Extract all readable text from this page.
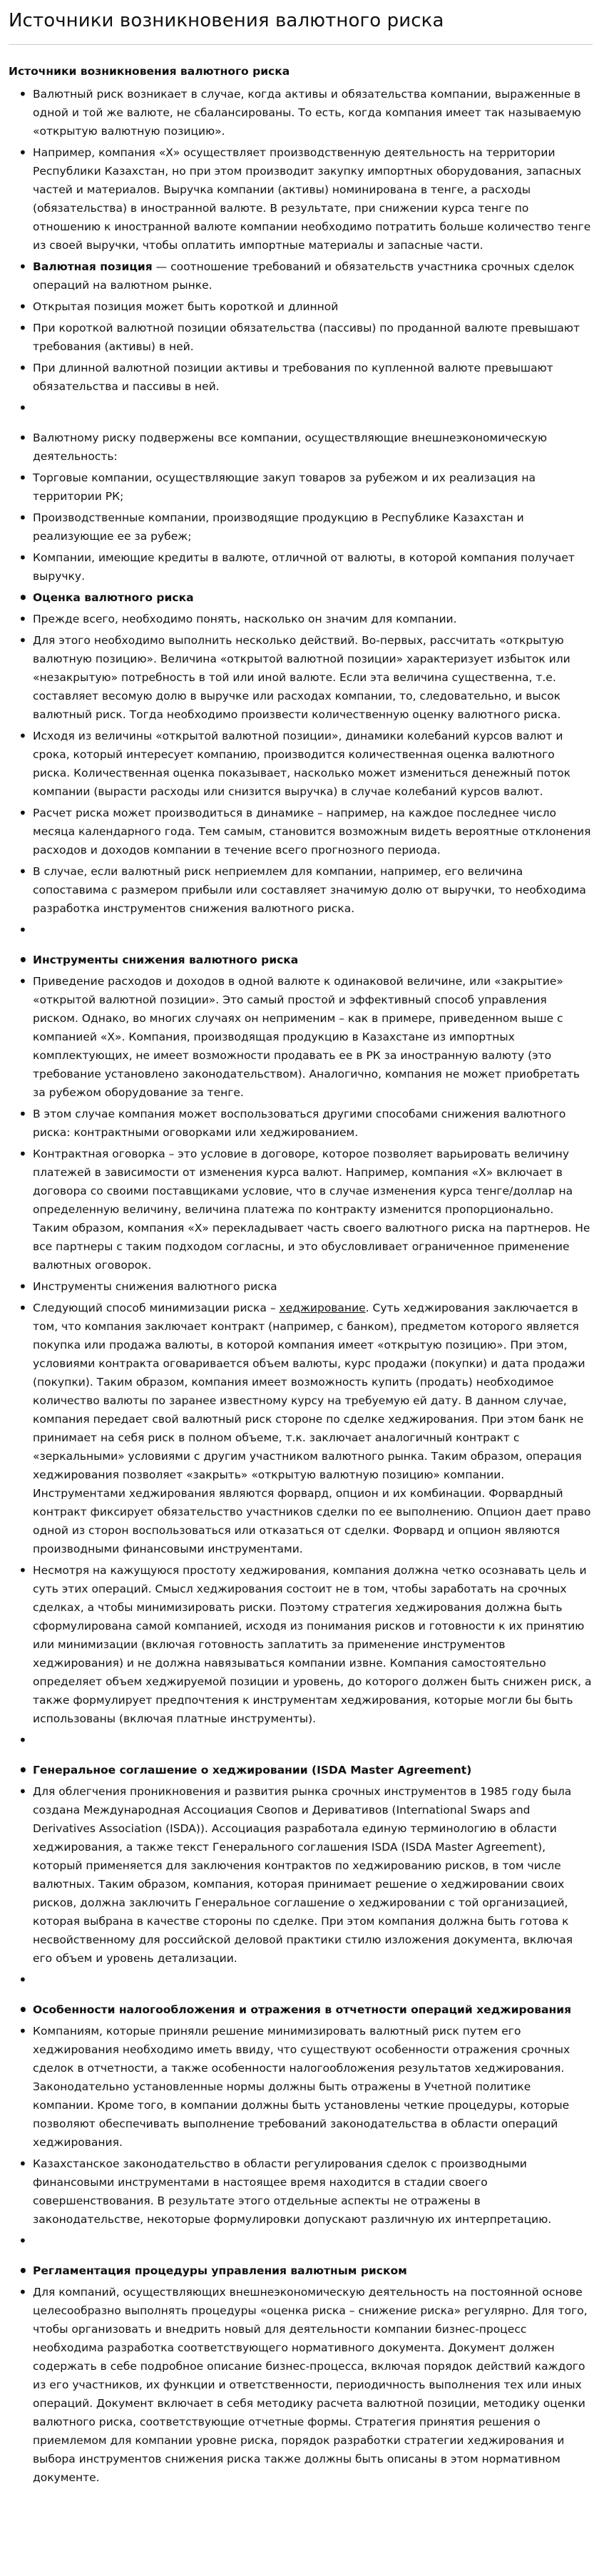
Источники возникновения валютного риска
Источники возникновения валютного риска
• Валютный риск возникает в случае, когда активы и обязательства компании, выраженные в одной и той же валюте, не сбалансированы. То есть, когда компания имеет так называемую «открытую валютную позицию».
• Например, компания «Х» осуществляет производственную деятельность на территории Республики Казахстан, но при этом производит закупку импортных оборудования, запасных частей и материалов. Выручка компании (активы) номинирована в тенге, а расходы (обязательства) в иностранной валюте. В результате, при снижении курса тенге по отношению к иностранной валюте компании необходимо потратить больше количество тенге из своей выручки, чтобы оплатить импортные материалы и запасные части.
• Валютная позиция — соотношение требований и обязательств участника срочных сделок операций на валютном рынке.
• Открытая позиция может быть короткой и длинной
• При короткой валютной позиции обязательства (пассивы) по проданной валюте превышают требования (активы) в ней.
• При длинной валютной позиции активы и требования по купленной валюте превышают обязательства и пассивы в ней.
•
• Валютному риску подвержены все компании, осуществляющие внешнеэкономическую деятельность:
• Торговые компании, осуществляющие закуп товаров за рубежом и их реализация на территории РК;
• Производственные компании, производящие продукцию в Республике Казахстан и реализующие ее за рубеж;
• Компании, имеющие кредиты в валюте, отличной от валюты, в которой компания получает выручку.
• Оценка валютного риска
• Прежде всего, необходимо понять, насколько он значим для компании.
• Для этого необходимо выполнить несколько действий. Во-первых, рассчитать «открытую валютную позицию». Величина «открытой валютной позиции» характеризует избыток или «незакрытую» потребность в той или иной валюте. Если эта величина существенна, т.е. составляет весомую долю в выручке или расходах компании, то, следовательно, и высок валютный риск. Тогда необходимо произвести количественную оценку валютного риска.
• Исходя из величины «открытой валютной позиции», динамики колебаний курсов валют и срока, который интересует компанию, производится количественная оценка валютного риска. Количественная оценка показывает, насколько может измениться денежный поток компании (вырасти расходы или снизится выручка) в случае колебаний курсов валют.
• Расчет риска может производиться в динамике – например, на каждое последнее число месяца календарного года. Тем самым, становится возможным видеть вероятные отклонения расходов и доходов компании в течение всего прогнозного периода.
• В случае, если валютный риск неприемлем для компании, например, его величина сопоставима с размером прибыли или составляет значимую долю от выручки, то необходима разработка инструментов снижения валютного риска.
•
• Инструменты снижения валютного риска
• Приведение расходов и доходов в одной валюте к одинаковой величине, или «закрытие» «открытой валютной позиции». Это самый простой и эффективный способ управления риском. Однако, во многих случаях он неприменим – как в примере, приведенном выше с компанией «Х». Компания, производящая продукцию в Казахстане из импортных комплектующих, не имеет возможности продавать ее в РК за иностранную валюту (это требование установлено законодательством). Аналогично, компания не может приобретать за рубежом оборудование за тенге.
• В этом случае компания может воспользоваться другими способами снижения валютного риска: контрактными оговорками или хеджированием.
• Контрактная оговорка – это условие в договоре, которое позволяет варьировать величину платежей в зависимости от изменения курса валют. Например, компания «Х» включает в договора со своими поставщиками условие, что в случае изменения курса тенге/доллар на определенную величину, величина платежа по контракту изменится пропорционально. Таким образом, компания «Х» перекладывает часть своего валютного риска на партнеров. Не все партнеры с таким подходом согласны, и это обусловливает ограниченное применение валютных оговорок.
• Инструменты снижения валютного риска
• Следующий способ минимизации риска – хеджирование. Суть хеджирования заключается в том, что компания заключает контракт (например, с банком), предметом которого является покупка или продажа валюты, в которой компания имеет «открытую позицию». При этом, условиями контракта оговаривается объем валюты, курс продажи (покупки) и дата продажи (покупки). Таким образом, компания имеет возможность купить (продать) необходимое количество валюты по заранее известному курсу на требуемую ей дату. В данном случае, компания передает свой валютный риск стороне по сделке хеджирования. При этом банк не принимает на себя риск в полном объеме, т.к. заключает аналогичный контракт с «зеркальными» условиями с другим участником валютного рынка. Таким образом, операция хеджирования позволяет «закрыть» «открытую валютную позицию» компании. Инструментами хеджирования являются форвард, опцион и их комбинации. Форвардный контракт фиксирует обязательство участников сделки по ее выполнению. Опцион дает право одной из сторон воспользоваться или отказаться от сделки. Форвард и опцион являются производными финансовыми инструментами.
• Несмотря на кажущуюся простоту хеджирования, компания должна четко осознавать цель и суть этих операций. Смысл хеджирования состоит не в том, чтобы заработать на срочных сделках, а чтобы минимизировать риски. Поэтому стратегия хеджирования должна быть сформулирована самой компанией, исходя из понимания рисков и готовности к их принятию или минимизации (включая готовность заплатить за применение инструментов хеджирования) и не должна навязываться компании извне. Компания самостоятельно определяет объем хеджируемой позиции и уровень, до которого должен быть снижен риск, а также формулирует предпочтения к инструментам хеджирования, которые могли бы быть использованы (включая платные инструменты).
•
• Генеральное соглашение о хеджировании (ISDA Master Agreement)
• Для облегчения проникновения и развития рынка срочных инструментов в 1985 году была создана Международная Ассоциация Свопов и Деривативов (International Swaps and Derivatives Association (ISDA)). Ассоциация разработала единую терминологию в области хеджирования, а также текст Генерального соглашения ISDA (ISDA Master Agreement), который применяется для заключения контрактов по хеджированию рисков, в том числе валютных. Таким образом, компания, которая принимает решение о хеджировании своих рисков, должна заключить Генеральное соглашение о хеджировании с той организацией, которая выбрана в качестве стороны по сделке. При этом компания должна быть готова к несвойственному для российской деловой практики стилю изложения документа, включая его объем и уровень детализации.
•
• Особенности налогообложения и отражения в отчетности операций хеджирования
• Компаниям, которые приняли решение минимизировать валютный риск путем его хеджирования необходимо иметь ввиду, что существуют особенности отражения срочных сделок в отчетности, а также особенности налогообложения результатов хеджирования. Законодательно установленные нормы должны быть отражены в Учетной политике компании. Кроме того, в компании должны быть установлены четкие процедуры, которые позволяют обеспечивать выполнение требований законодательства в области операций хеджирования.
• Казахстанское законодательство в области регулирования сделок с производными финансовыми инструментами в настоящее время находится в стадии своего совершенствования. В результате этого отдельные аспекты не отражены в законодательстве, некоторые формулировки допускают различную их интерпретацию.
•
• Регламентация процедуры управления валютным риском
• Для компаний, осуществляющих внешнеэкономическую деятельность на постоянной основе целесообразно выполнять процедуры «оценка риска – снижение риска» регулярно. Для того, чтобы организовать и внедрить новый для деятельности компании бизнес-процесс необходима разработка соответствующего нормативного документа. Документ должен содержать в себе подробное описание бизнес-процесса, включая порядок действий каждого из его участников, их функции и ответственности, периодичность выполнения тех или иных операций. Документ включает в себя методику расчета валютной позиции, методику оценки валютного риска, соответствующие отчетные формы. Стратегия принятия решения о приемлемом для компании уровне риска, порядок разработки стратегии хеджирования и выбора инструментов снижения риска также должны быть описаны в этом нормативном документе.
